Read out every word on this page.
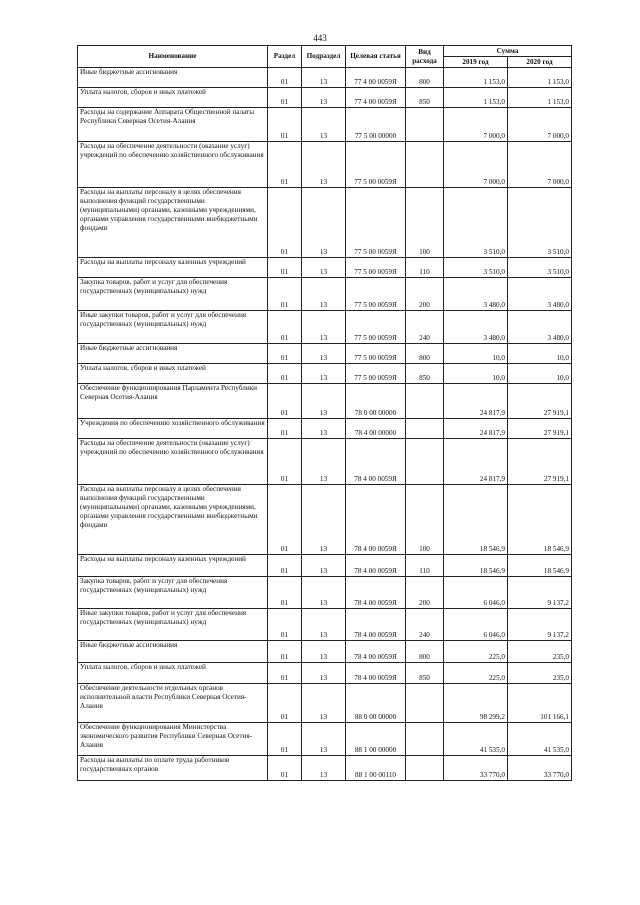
443
Наименование	Раздел	Подраздел	Целевая статья	Вид расхода	Сумма	
					2019 год	2020 год
Иные бюджетные ассигнования	01	13	77 4 00 0059Я	800	1 153,0	1 153,0
Уплата налогов, сборов и иных платежей	01	13	77 4 00 0059Я	850	1 153,0	1 153,0
Расходы на содержание Аппарата Общественной палаты Республики Северная Осетия-Алания	01	13	77 5 00 00000		7 000,0	7 000,0
Расходы на обеспечение деятельности (оказание услуг) учреждений по обеспечению хозяйственного обслуживания	01	13	77 5 00 0059Я		7 000,0	7 000,0
Расходы на выплаты персоналу в целях обеспечения выполнения функций государственными (муниципальными) органами, казенными учреждениями, органами управления государственными внебюджетными фондами	01	13	77 5 00 0059Я	100	3 510,0	3 510,0
Расходы на выплаты персоналу казенных учреждений	01	13	77 5 00 0059Я	110	3 510,0	3 510,0
Закупка товаров, работ и услуг для обеспечения государственных (муниципальных) нужд	01	13	77 5 00 0059Я	200	3 480,0	3 480,0
Иные закупки товаров, работ и услуг для обеспечения государственных (муниципальных) нужд	01	13	77 5 00 0059Я	240	3 480,0	3 480,0
Иные бюджетные ассигнования	01	13	77 5 00 0059Я	800	10,0	10,0
Уплата налогов, сборов и иных платежей	01	13	77 5 00 0059Я	850	10,0	10,0
Обеспечение функционирования Парламента Республики Северная Осетия-Алания	01	13	78 0 00 00000		24 817,9	27 919,1
Учреждения по обеспечению хозяйственного обслуживания	01	13	78 4 00 00000		24 817,9	27 919,1
Расходы на обеспечение деятельности (оказание услуг) учреждений по обеспечению хозяйственного обслуживания	01	13	78 4 00 0059Я		24 817,9	27 919,1
Расходы на выплаты персоналу в целях обеспечения выполнения функций государственными (муниципальными) органами, казенными учреждениями, органами управления государственными внебюджетными фондами	01	13	78 4 00 0059Я	100	18 546,9	18 546,9
Расходы на выплаты персоналу казенных учреждений	01	13	78 4 00 0059Я	110	18 546,9	18 546,9
Закупка товаров, работ и услуг для обеспечения государственных (муниципальных) нужд	01	13	78 4 00 0059Я	200	6 046,0	9 137,2
Иные закупки товаров, работ и услуг для обеспечения государственных (муниципальных) нужд	01	13	78 4 00 0059Я	240	6 046,0	9 137,2
Иные бюджетные ассигнования	01	13	78 4 00 0059Я	800	225,0	235,0
Уплата налогов, сборов и иных платежей	01	13	78 4 00 0059Я	850	225,0	235,0
Обеспечение деятельности отдельных органов исполнительной власти Республики Северная Осетия-Алания	01	13	88 0 00 00000		98 299,2	101 166,1
Обеспечение функционирования Министерства экономического развития Республики Северная Осетия-Алания	01	13	88 1 00 00000		41 535,0	41 535,0
Расходы на выплаты по оплате труда работников государственных органов	01	13	88 1 00 00110		33 770,0	33 770,0
